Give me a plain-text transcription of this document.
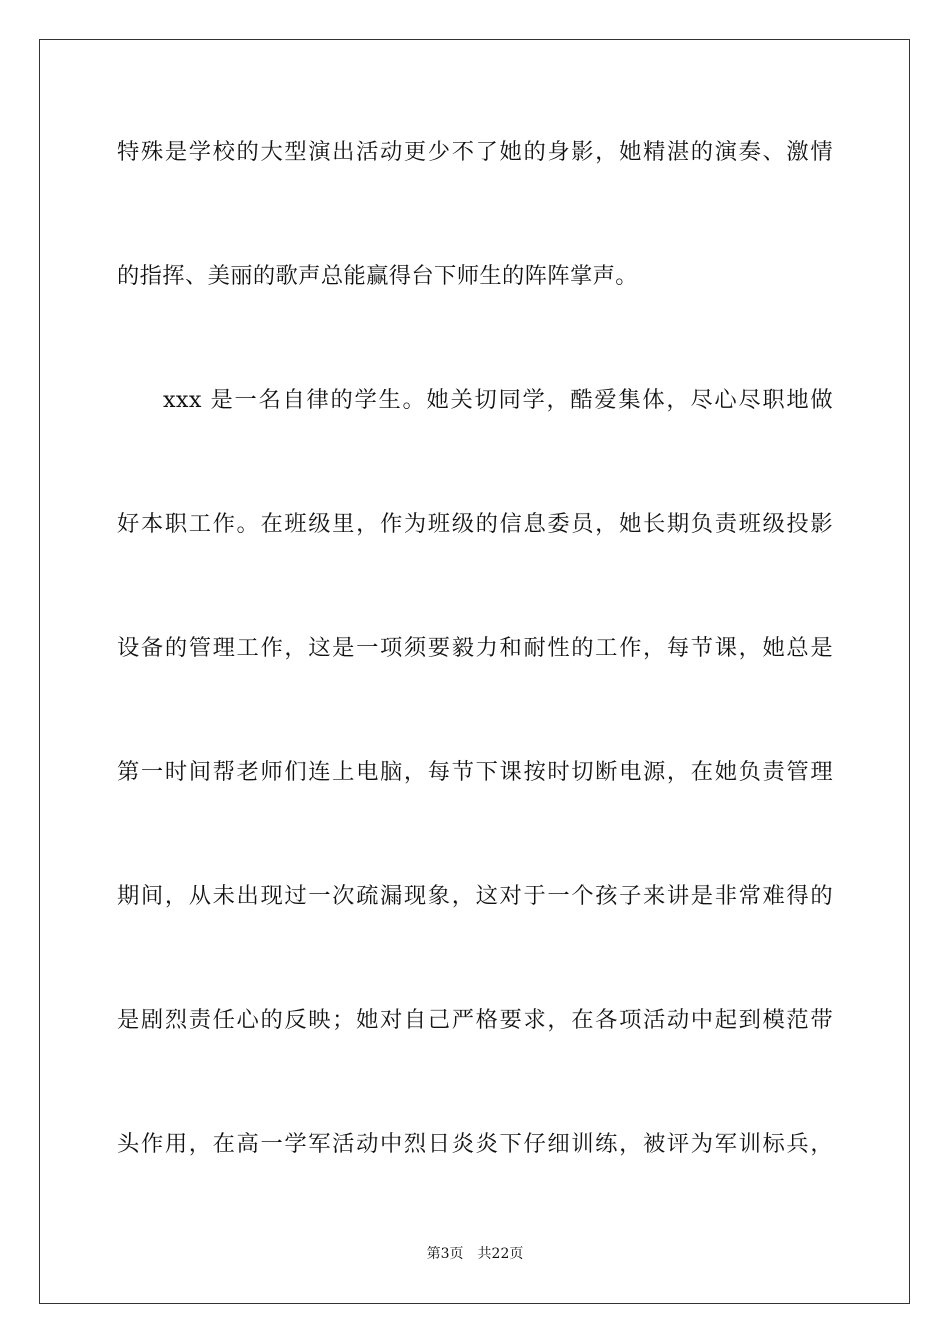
特殊是学校的大型演出活动更少不了她的身影，她精湛的演奏、激情
的指挥、美丽的歌声总能赢得台下师生的阵阵掌声。
xxx 是一名自律的学生。她关切同学，酷爱集体，尽心尽职地做
好本职工作。在班级里，作为班级的信息委员，她长期负责班级投影
设备的管理工作，这是一项须要毅力和耐性的工作，每节课，她总是
第一时间帮老师们连上电脑，每节下课按时切断电源，在她负责管理
期间，从未出现过一次疏漏现象，这对于一个孩子来讲是非常难得的
是剧烈责任心的反映；她对自己严格要求，在各项活动中起到模范带
头作用，在高一学军活动中烈日炎炎下仔细训练，被评为军训标兵，
第3页 共22页
